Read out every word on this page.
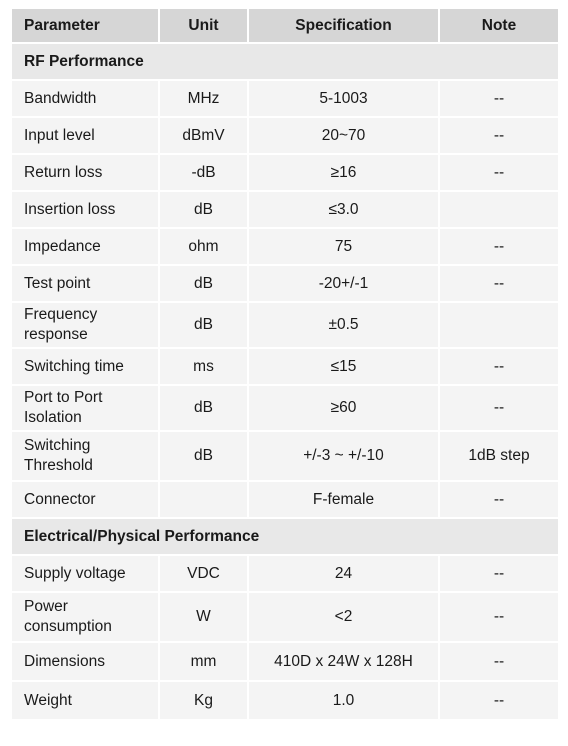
Parameter	Unit	Specification	Note
RF Performance			
Bandwidth	MHz	5-1003	--
Input level	dBmV	20~70	--
Return loss	-dB	≥16	--
Insertion loss	dB	≤3.0	
Impedance	ohm	75	--
Test point	dB	-20+/-1	--
Frequency response	dB	±0.5	
Switching time	ms	≤15	--
Port to Port Isolation	dB	≥60	--
Switching Threshold	dB	+/-3 ~ +/-10	1dB step
Connector		F-female	--
Electrical/Physical Performance			
Supply voltage	VDC	24	--
Power consumption	W	<2	--
Dimensions	mm	410D x 24W x 128H	--
Weight	Kg	1.0	--
